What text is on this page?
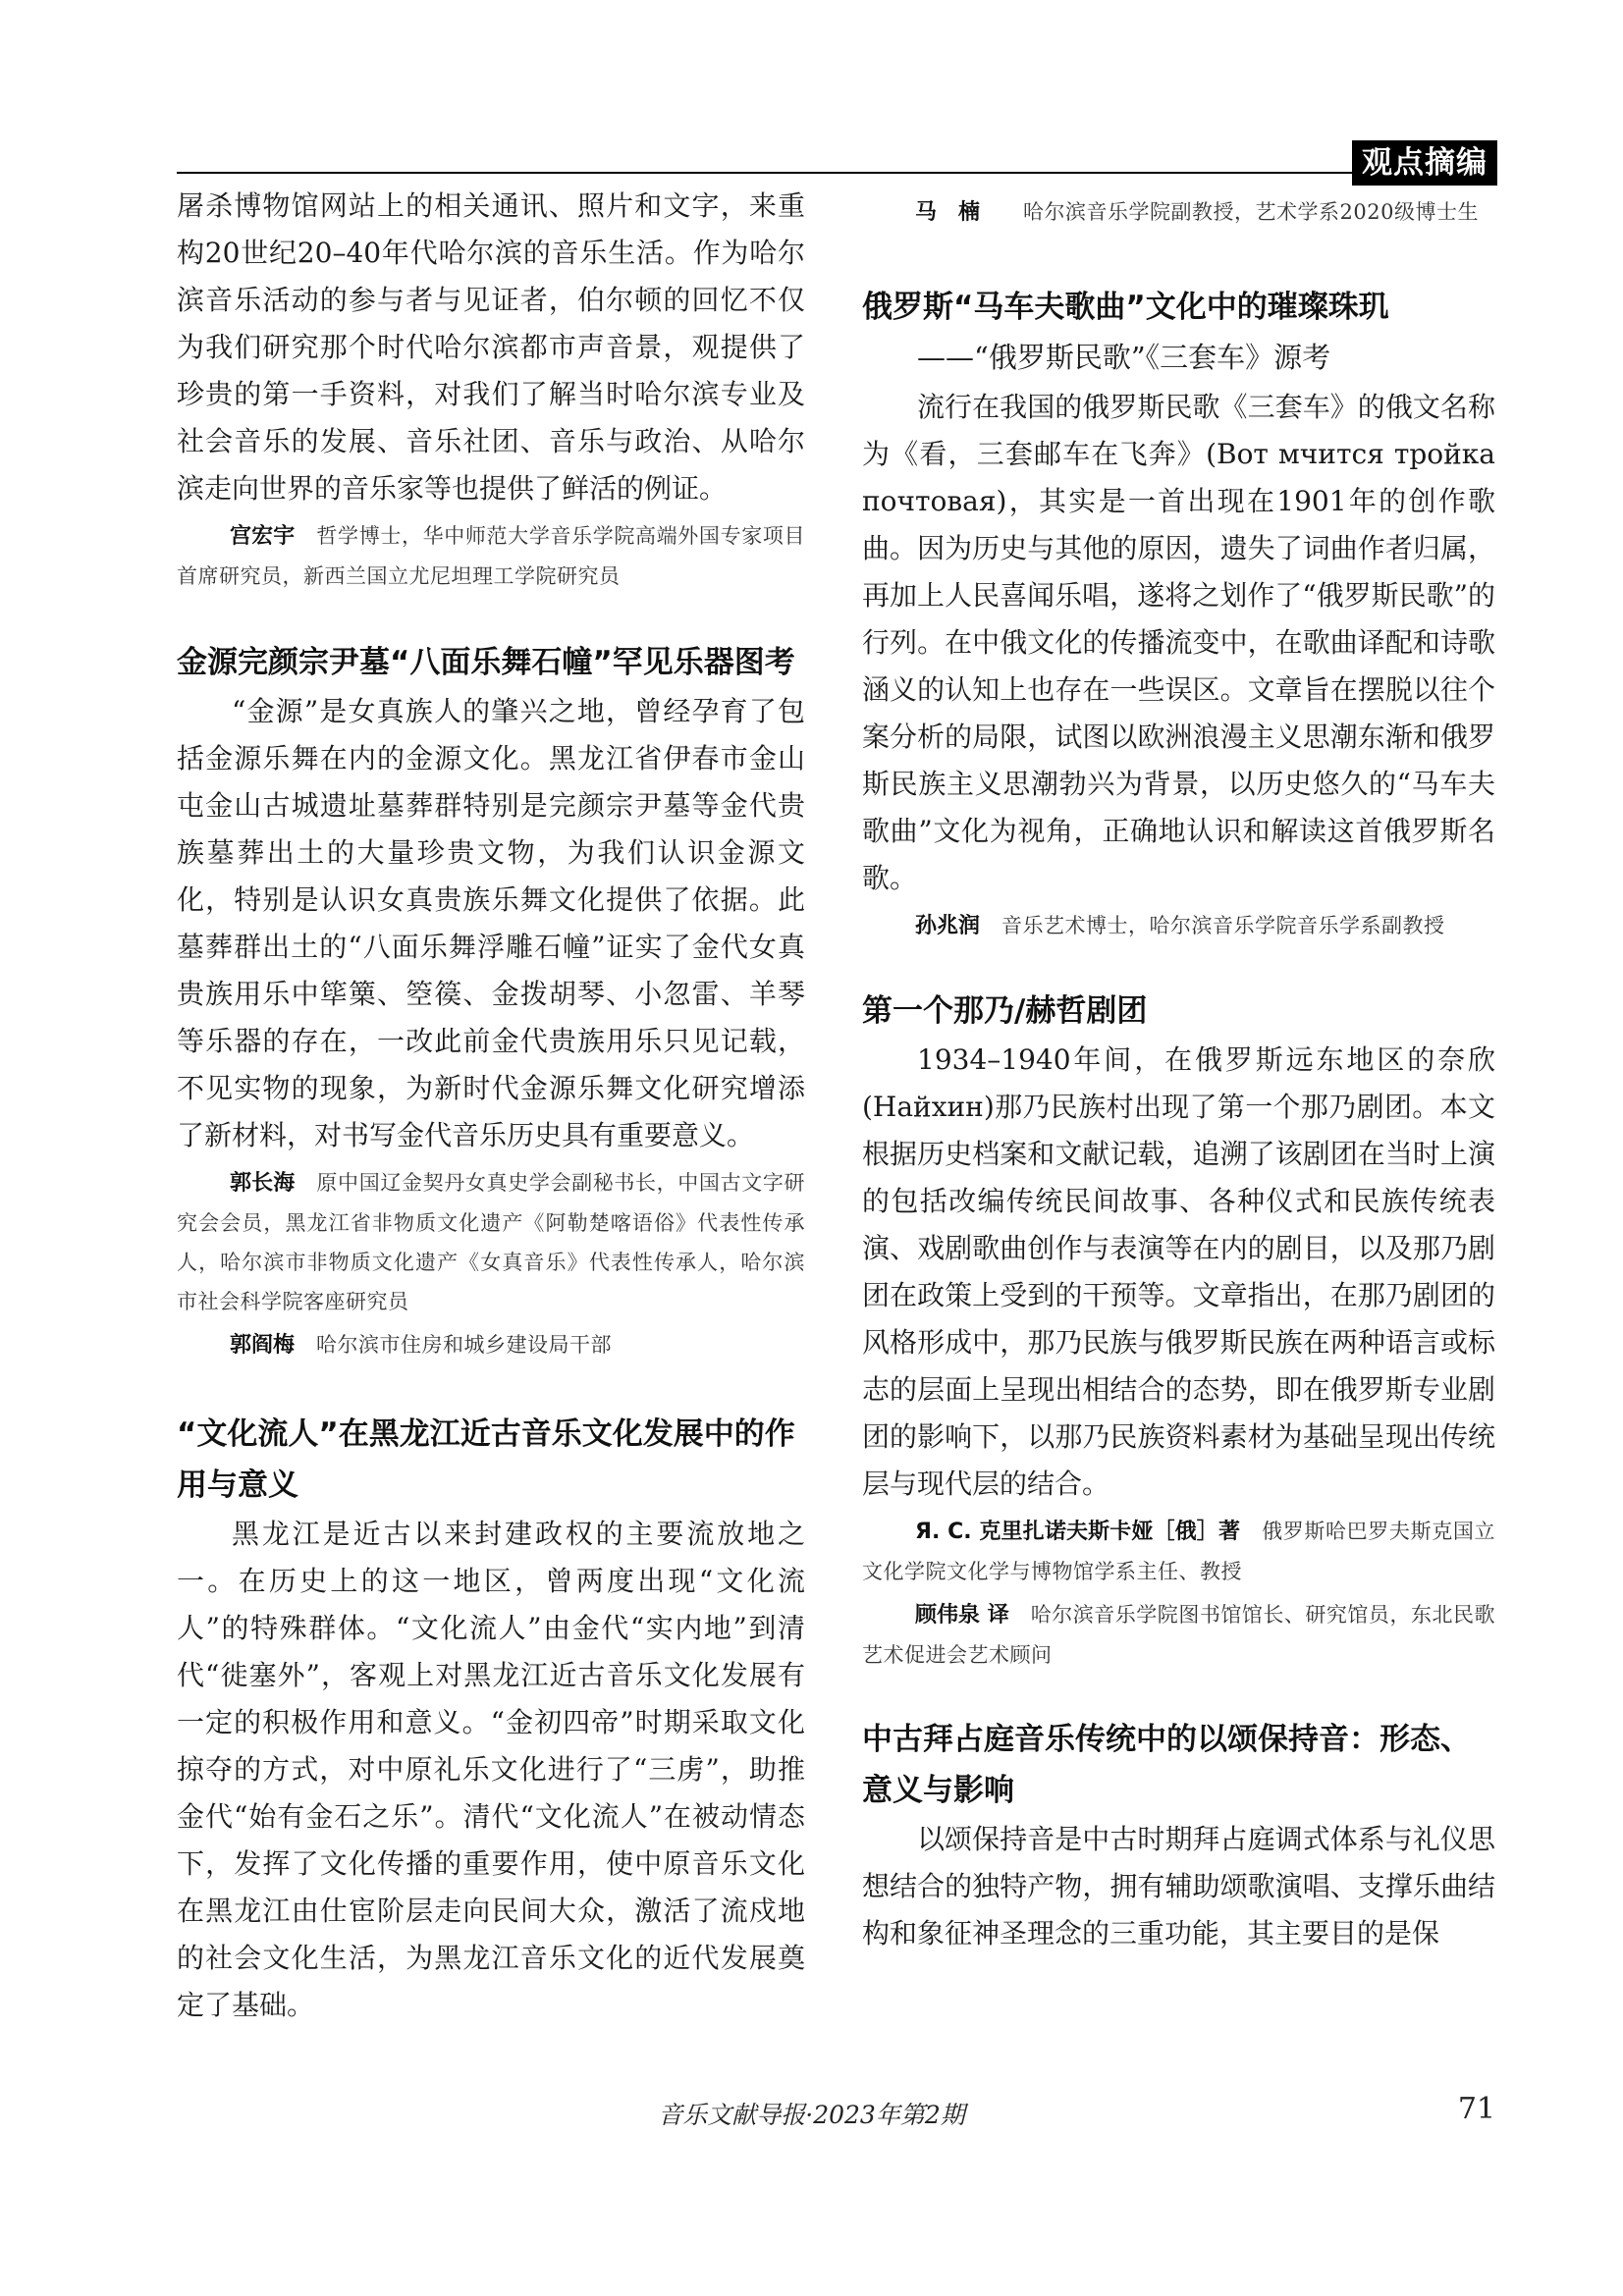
观点摘编

屠杀博物馆网站上的相关通讯、照片和文字，来重构20世纪20–40年代哈尔滨的音乐生活。作为哈尔滨音乐活动的参与者与见证者，伯尔顿的回忆不仅为我们研究那个时代哈尔滨都市声音景，观提供了珍贵的第一手资料，对我们了解当时哈尔滨专业及社会音乐的发展、音乐社团、音乐与政治、从哈尔滨走向世界的音乐家等也提供了鲜活的例证。

宫宏宇 哲学博士，华中师范大学音乐学院高端外国专家项目首席研究员，新西兰国立尤尼坦理工学院研究员

金源完颜宗尹墓“八面乐舞石幢”罕见乐器图考

“金源”是女真族人的肇兴之地，曾经孕育了包括金源乐舞在内的金源文化。黑龙江省伊春市金山屯金山古城遗址墓葬群特别是完颜宗尹墓等金代贵族墓葬出土的大量珍贵文物，为我们认识金源文化，特别是认识女真贵族乐舞文化提供了依据。此墓葬群出土的“八面乐舞浮雕石幢”证实了金代女真贵族用乐中筚篥、箜篌、金拨胡琴、小忽雷、羊琴等乐器的存在，一改此前金代贵族用乐只见记载，不见实物的现象，为新时代金源乐舞文化研究增添了新材料，对书写金代音乐历史具有重要意义。

郭长海 原中国辽金契丹女真史学会副秘书长，中国古文字研究会会员，黑龙江省非物质文化遗产《阿勒楚喀语俗》代表性传承人，哈尔滨市非物质文化遗产《女真音乐》代表性传承人，哈尔滨市社会科学院客座研究员

郭阎梅 哈尔滨市住房和城乡建设局干部

“文化流人”在黑龙江近古音乐文化发展中的作用与意义

黑龙江是近古以来封建政权的主要流放地之一。在历史上的这一地区，曾两度出现“文化流人”的特殊群体。“文化流人”由金代“实内地”到清代“徙塞外”，客观上对黑龙江近古音乐文化发展有一定的积极作用和意义。“金初四帝”时期采取文化掠夺的方式，对中原礼乐文化进行了“三虏”，助推金代“始有金石之乐”。清代“文化流人”在被动情态下，发挥了文化传播的重要作用，使中原音乐文化在黑龙江由仕宦阶层走向民间大众，激活了流戍地的社会文化生活，为黑龙江音乐文化的近代发展奠定了基础。

马楠 哈尔滨音乐学院副教授，艺术学系2020级博士生

俄罗斯“马车夫歌曲”文化中的璀璨珠玑

——“俄罗斯民歌”《三套车》源考

流行在我国的俄罗斯民歌《三套车》的俄文名称为《看，三套邮车在飞奔》(Вот мчится тройка почтовая)，其实是一首出现在1901年的创作歌曲。因为历史与其他的原因，遗失了词曲作者归属，再加上人民喜闻乐唱，遂将之划作了“俄罗斯民歌”的行列。在中俄文化的传播流变中，在歌曲译配和诗歌涵义的认知上也存在一些误区。文章旨在摆脱以往个案分析的局限，试图以欧洲浪漫主义思潮东渐和俄罗斯民族主义思潮勃兴为背景，以历史悠久的“马车夫歌曲”文化为视角，正确地认识和解读这首俄罗斯名歌。

孙兆润 音乐艺术博士，哈尔滨音乐学院音乐学系副教授

第一个那乃/赫哲剧团

1934–1940年间，在俄罗斯远东地区的奈欣(Найхин)那乃民族村出现了第一个那乃剧团。本文根据历史档案和文献记载，追溯了该剧团在当时上演的包括改编传统民间故事、各种仪式和民族传统表演、戏剧歌曲创作与表演等在内的剧目，以及那乃剧团在政策上受到的干预等。文章指出，在那乃剧团的风格形成中，那乃民族与俄罗斯民族在两种语言或标志的层面上呈现出相结合的态势，即在俄罗斯专业剧团的影响下，以那乃民族资料素材为基础呈现出传统层与现代层的结合。

Я. С. 克里扎诺夫斯卡娅［俄］著 俄罗斯哈巴罗夫斯克国立文化学院文化学与博物馆学系主任、教授

顾伟泉 译 哈尔滨音乐学院图书馆馆长、研究馆员，东北民歌艺术促进会艺术顾问

中古拜占庭音乐传统中的以颂保持音：形态、意义与影响

以颂保持音是中古时期拜占庭调式体系与礼仪思想结合的独特产物，拥有辅助颂歌演唱、支撑乐曲结构和象征神圣理念的三重功能，其主要目的是保

音乐文献导报·2023年第2期	71
